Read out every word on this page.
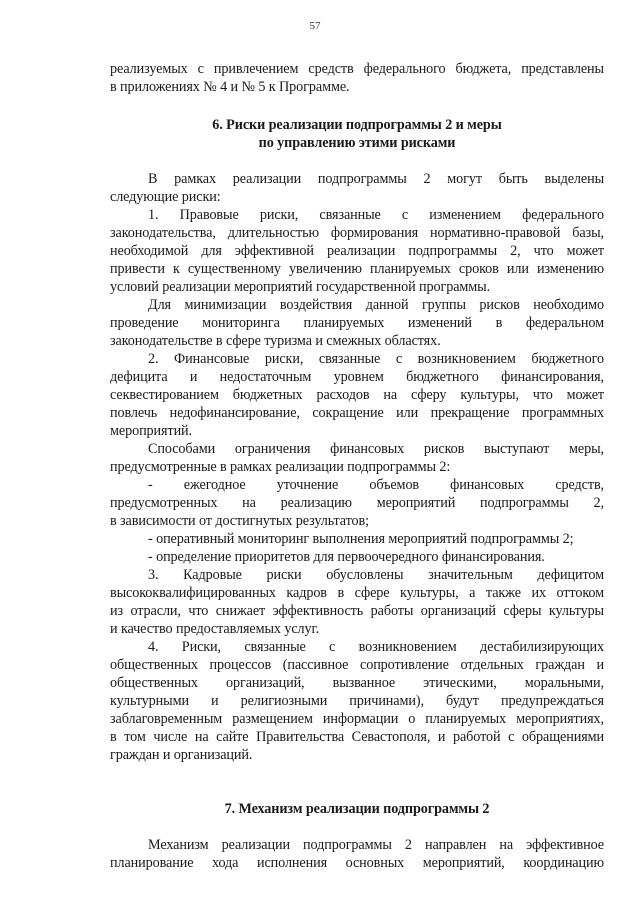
57
реализуемых с привлечением средств федерального бюджета, представлены
в приложениях № 4 и № 5 к Программе.
6. Риски реализации подпрограммы 2 и меры
по управлению этими рисками
В рамках реализации подпрограммы 2 могут быть выделены
следующие риски:
1. Правовые риски, связанные с изменением федерального
законодательства, длительностью формирования нормативно-правовой базы,
необходимой для эффективной реализации подпрограммы 2, что может
привести к существенному увеличению планируемых сроков или изменению
условий реализации мероприятий государственной программы.
Для минимизации воздействия данной группы рисков необходимо
проведение мониторинга планируемых изменений в федеральном
законодательстве в сфере туризма и смежных областях.
2. Финансовые риски, связанные с возникновением бюджетного
дефицита и недостаточным уровнем бюджетного финансирования,
секвестированием бюджетных расходов на сферу культуры, что может
повлечь недофинансирование, сокращение или прекращение программных
мероприятий.
Способами ограничения финансовых рисков выступают меры,
предусмотренные в рамках реализации подпрограммы 2:
- ежегодное уточнение объемов финансовых средств,
предусмотренных на реализацию мероприятий подпрограммы 2,
в зависимости от достигнутых результатов;
- оперативный мониторинг выполнения мероприятий подпрограммы 2;
- определение приоритетов для первоочередного финансирования.
3. Кадровые риски обусловлены значительным дефицитом
высококвалифицированных кадров в сфере культуры, а также их оттоком
из отрасли, что снижает эффективность работы организаций сферы культуры
и качество предоставляемых услуг.
4. Риски, связанные с возникновением дестабилизирующих
общественных процессов (пассивное сопротивление отдельных граждан и
общественных организаций, вызванное этическими, моральными,
культурными и религиозными причинами), будут предупреждаться
заблаговременным размещением информации о планируемых мероприятиях,
в том числе на сайте Правительства Севастополя, и работой с обращениями
граждан и организаций.
7. Механизм реализации подпрограммы 2
Механизм реализации подпрограммы 2 направлен на эффективное
планирование хода исполнения основных мероприятий, координацию
